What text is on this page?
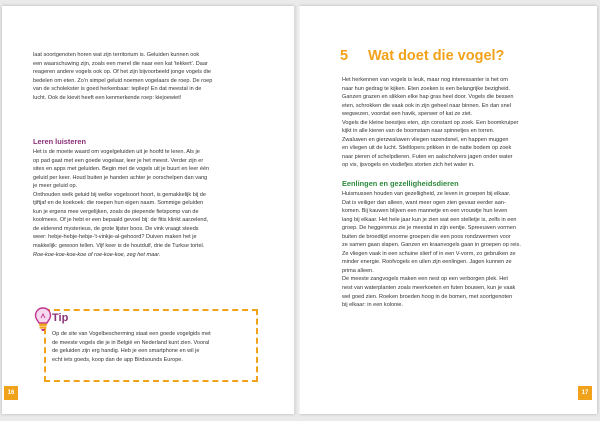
laat soortgenoten horen wat zijn territorium is. Geluiden kunnen ook

een waarschuwing zijn, zoals een merel die naar een kat 'tekkert'. Daar

reageren andere vogels ook op. Of het zijn bijvoorbeeld jonge vogels die

bedelen om eten. Zo'n simpel geluid noemen vogelaars de roep. De roep

van de scholekster is goed herkenbaar: tepliep! En dat meestal in de

lucht. Ook de kievit heeft een kenmerkende roep: kiejoewiet!

Leren luisteren

Het is de moeite waard om vogelgeluiden uit je hoofd te leren. Als je

op pad gaat met een goede vogelaar, leer je het meest. Verder zijn er

sites en apps met geluiden. Begin met de vogels uit je buurt en leer één

geluid per keer. Houd buiten je handen achter je oorschelpen dan vang

je meer geluid op.

Onthouden welk geluid bij welke vogelsoort hoort, is gemakkelijk bij de

tjiftjaf en de koekoek: die roepen hun eigen naam. Sommige geluiden

kun je ergens mee vergelijken, zoals de piepende fietspomp van de

koolmees. Of je hebt er een bepaald gevoel bij: de fitis klinkt aarzelend,

de eiderend mysterieus, de grote lijster boos. De vink vraagt steeds

weer: hebje-hebje-hebje-'t-vinkje-al-gehoord? Duiven maken het je

makkelijk: gewoon tellen. Vijf keer is de houtduif, drie de Turkse tortel.

Roe-koe-koe-koe-koe of roe-koe-koe, zeg het maar.

Tip

Op de site van Vogelbescherming staat een goede vogelgids met

de meeste vogels die je in België en Nederland kunt zien. Vooral

de geluiden zijn erg handig. Heb je een smartphone en wil je

echt iets goeds, koop dan de app Birdsounds Europe.

16
5 Wat doet die vogel?

Het herkennen van vogels is leuk, maar nog interessanter is het om

naar hun gedrag te kijken. Eten zoeken is een belangrijke bezigheid.

Ganzen grazen en slikken elke hap gras heel door. Vogels die bessen

eten, schrokken die vaak ook in zijn geheel naar binnen. En dan snel

wegwezen, voordat een havik, sperwer of kat ze ziet.

Vogels die kleine beestjes eten, zijn constant op zoek. Een boomkruiper

kijkt in alle kieren van de boomstam naar spinnetjes en torren.

Zwaluwen en gierzwaluwen vliegen razendsnel, en happen muggen

en vliegen uit de lucht. Steltlopers prikken in de natte bodem op zoek

naar pieren of schelpdieren. Futen en aalscholvers jagen onder water

op vis, ijsvogels en visdiefjes storten zich het water in.

Eenlingen en gezelligheidsdieren

Huismussen houden van gezelligheid, ze leven in groepen bij elkaar.

Dat is veiliger dan alleen, want meer ogen zien gevaar eerder aan-

komen. Bij kauwen blijven een mannetje en een vrouwtje hun leven

lang bij elkaar. Het hele jaar kun je zien wat een stelletje is, zelfs in een

groep. De heggenmus zie je meestal in zijn eentje. Spreeuwen vormen

buiten de broedtijd enorme groepen die een poos rondzwermen voor

ze samen gaan slapen. Ganzen en kraanvogels gaan in groepen op reis.

Ze vliegen vaak in een schuine slierf of in een V-vorm, zo gebruiken ze

minder energie. Roofvogels en uilen zijn eenlingen. Jagen kunnen ze

prima alleen.

De meeste zangvogels maken een nest op een verborgen plek. Het

nest van waterplanten zoals meerkoeten en futen bouwen, kun je vaak

wel goed zien. Roeken broeden hoog in de bomen, met soortgenoten

bij elkaar: in een kolonie.

17
